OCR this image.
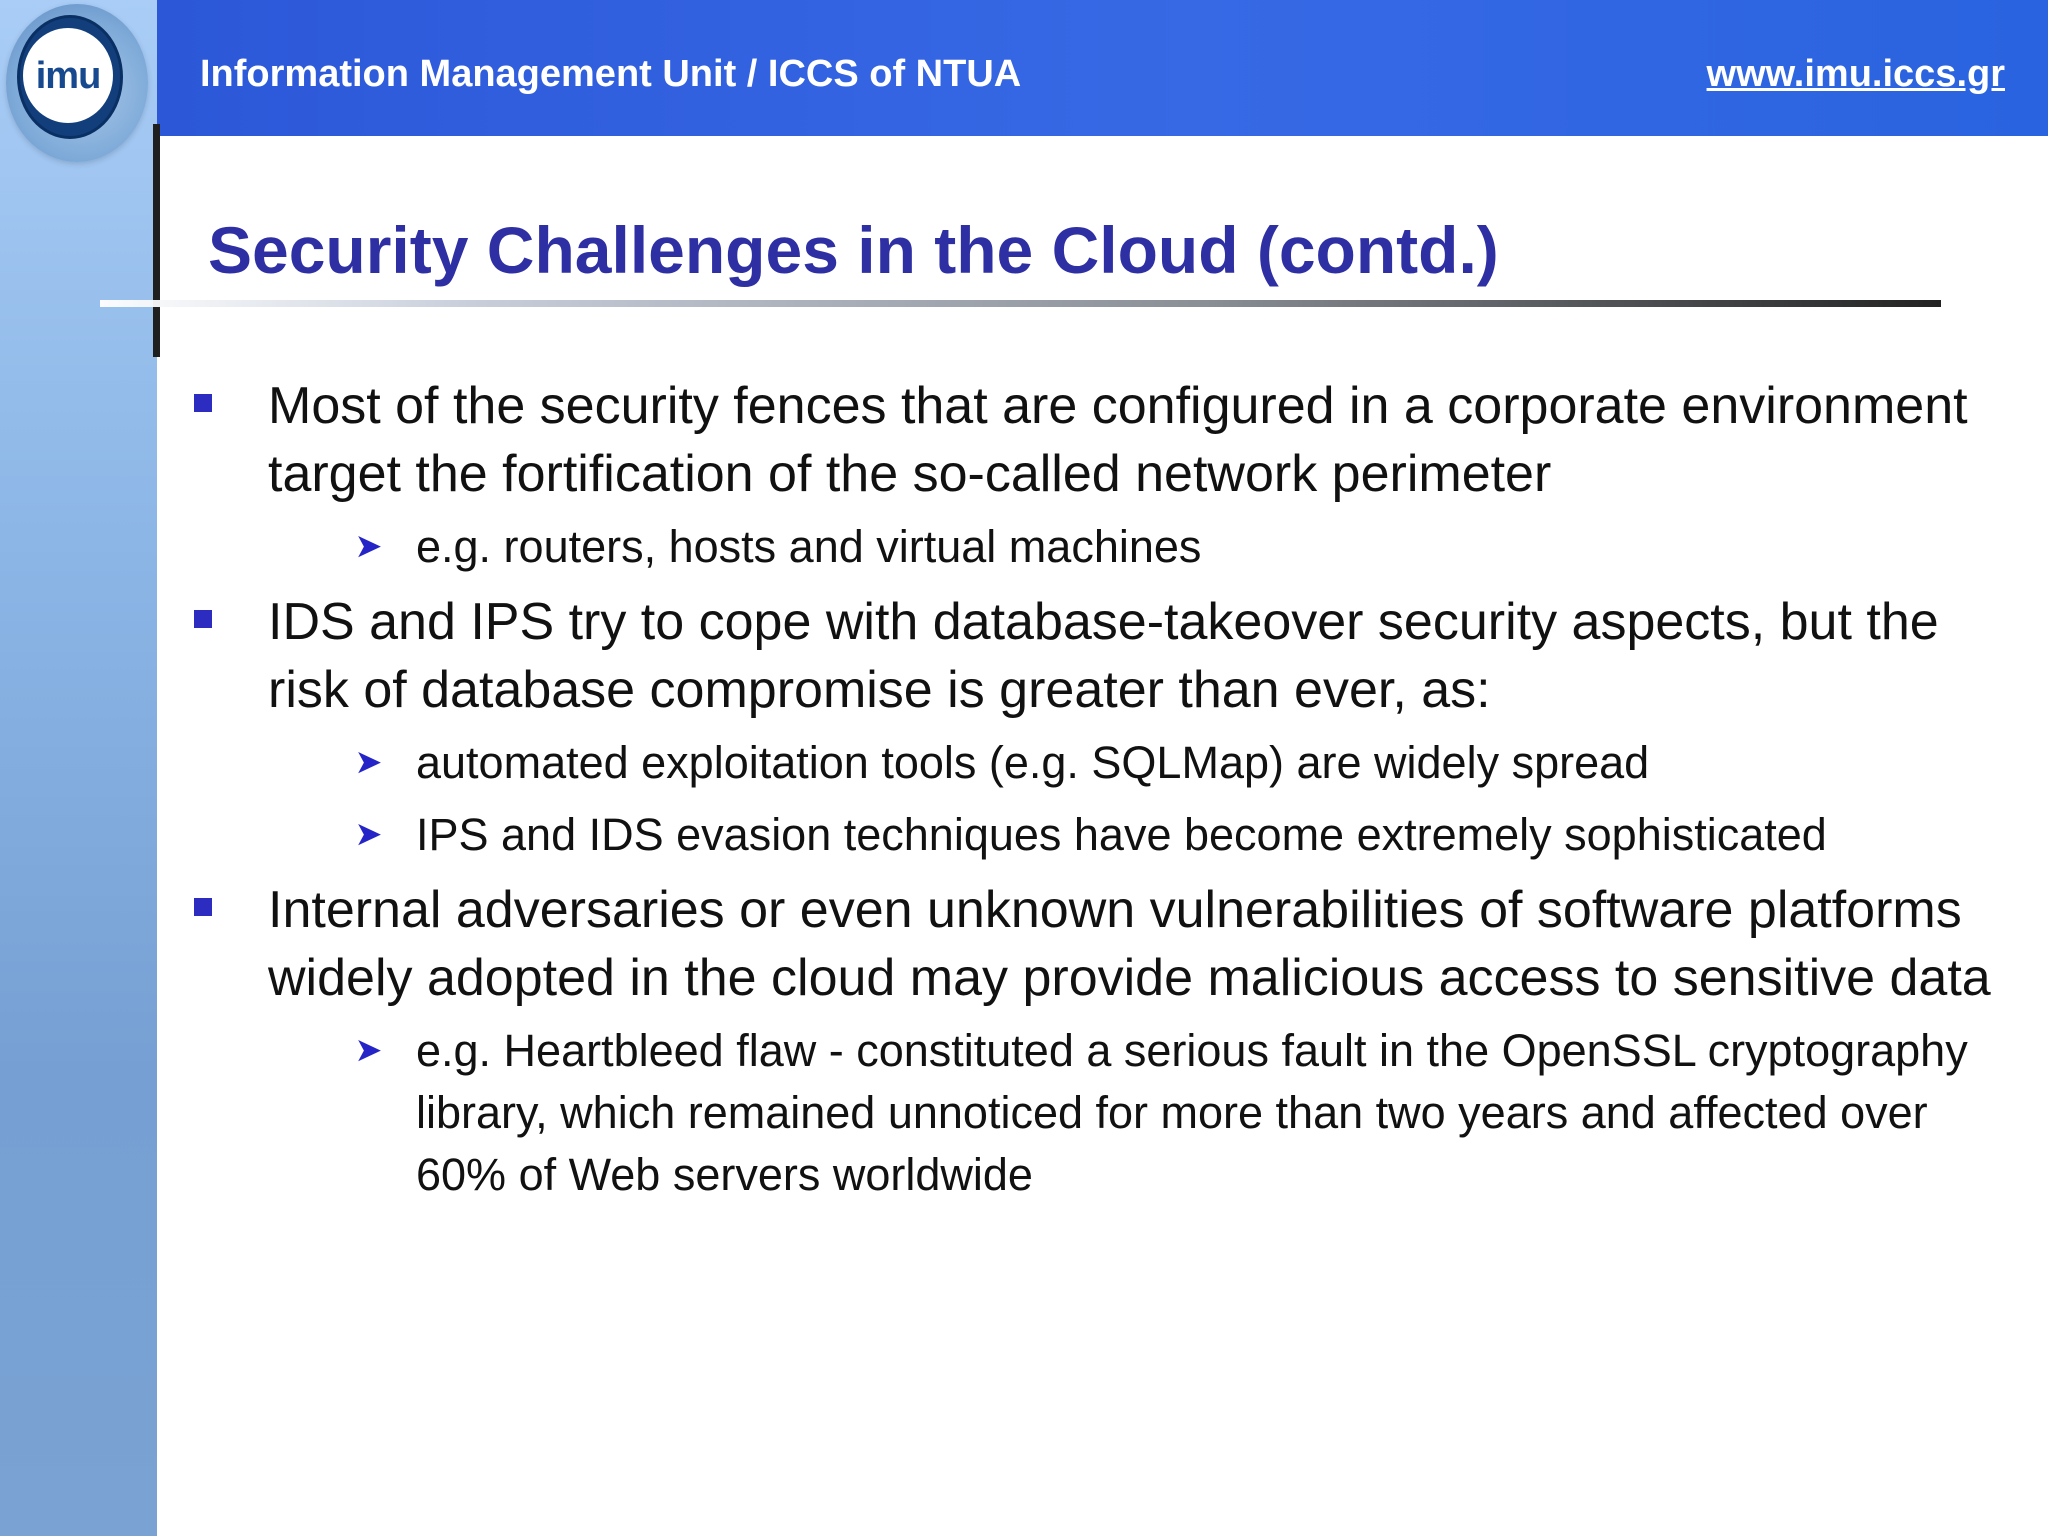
imu	Information Management Unit / ICCS of NTUA	www.imu.iccs.gr
Security Challenges in the Cloud (contd.)
Most of the security fences that are configured in a corporate environment target the fortification of the so-called network perimeter
➤ e.g. routers, hosts and virtual machines
IDS and IPS try to cope with database-takeover security aspects, but the risk of database compromise is greater than ever, as:
➤ automated exploitation tools (e.g. SQLMap) are widely spread
➤ IPS and IDS evasion techniques have become extremely sophisticated
Internal adversaries or even unknown vulnerabilities of software platforms widely adopted in the cloud may provide malicious access to sensitive data
➤ e.g. Heartbleed flaw - constituted a serious fault in the OpenSSL cryptography library, which remained unnoticed for more than two years and affected over 60% of Web servers worldwide
